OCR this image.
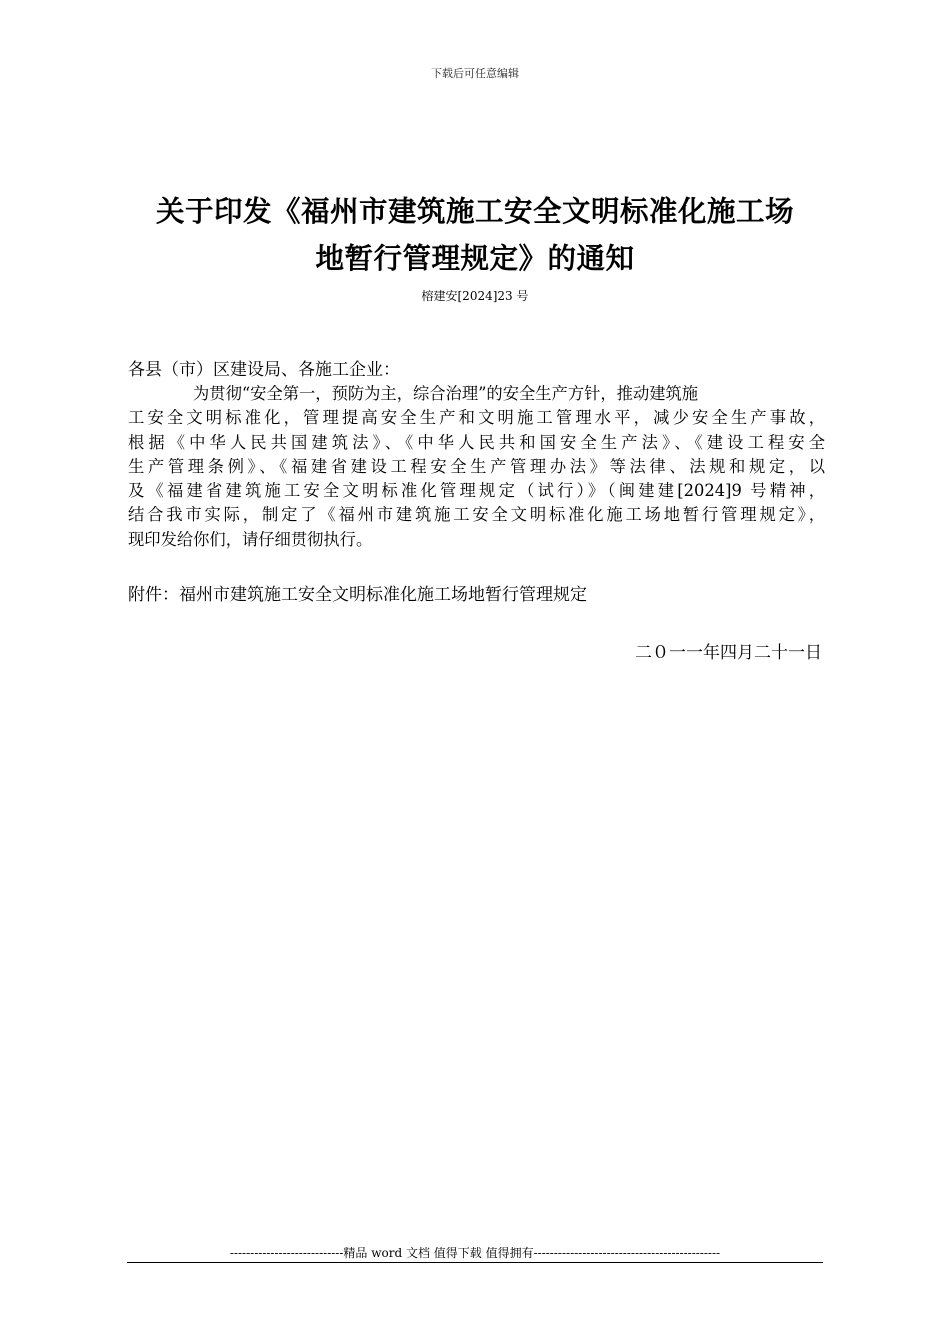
下载后可任意编辑
关于印发《福州市建筑施工安全文明标准化施工场
地暂行管理规定》的通知
榕建安[2024]23 号
各县（市）区建设局、各施工企业：
为贯彻“安全第一，预防为主，综合治理”的安全生产方针，推动建筑施
工安全文明标准化，管理提高安全生产和文明施工管理水平，减少安全生产事故，
根据《中华人民共国建筑法》、《中华人民共和国安全生产法》、《建设工程安全
生产管理条例》、《福建省建设工程安全生产管理办法》等法律、法规和规定，以
及《福建省建筑施工安全文明标准化管理规定（试行）》（闽建建[2024]9 号精神，
结合我市实际，制定了《福州市建筑施工安全文明标准化施工场地暂行管理规定》，
现印发给你们，请仔细贯彻执行。
附件：福州市建筑施工安全文明标准化施工场地暂行管理规定
二０一一年四月二十一日
----------------------------精品 word 文档 值得下载 值得拥有----------------------------------------------
